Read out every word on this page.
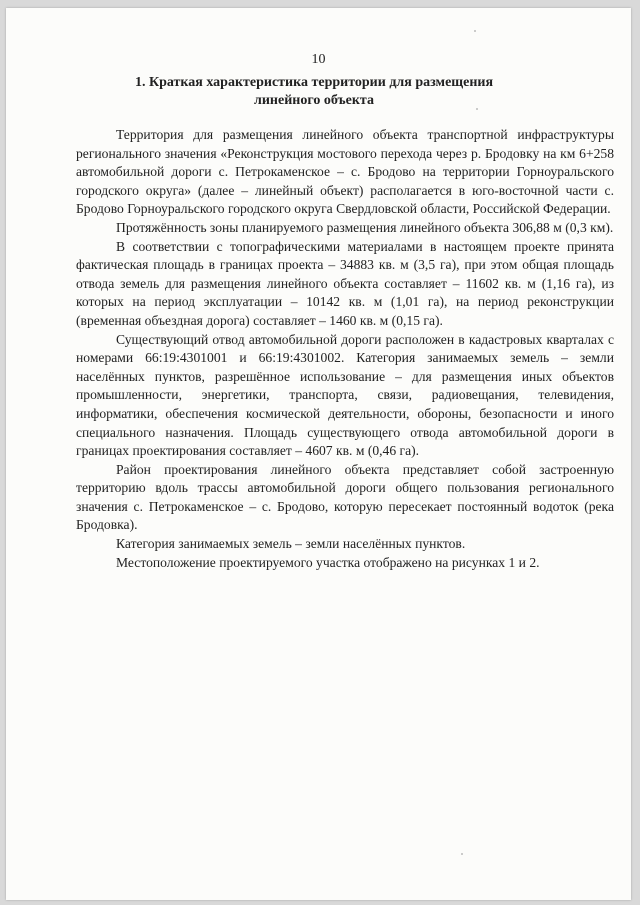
10
1. Краткая характеристика территории для размещения
линейного объекта

Территория для размещения линейного объекта транспортной инфраструктуры регионального значения «Реконструкция мостового перехода через р. Бродовку на км 6+258 автомобильной дороги с. Петрокаменское – с. Бродово на территории Горноуральского городского округа» (далее – линейный объект) располагается в юго-восточной части с. Бродово Горноуральского городского округа Свердловской области, Российской Федерации.

Протяжённость зоны планируемого размещения линейного объекта 306,88 м (0,3 км).

В соответствии с топографическими материалами в настоящем проекте принята фактическая площадь в границах проекта – 34883 кв. м (3,5 га), при этом общая площадь отвода земель для размещения линейного объекта составляет – 11602 кв. м (1,16 га), из которых на период эксплуатации – 10142 кв. м (1,01 га), на период реконструкции (временная объездная дорога) составляет – 1460 кв. м (0,15 га).

Существующий отвод автомобильной дороги расположен в кадастровых кварталах с номерами 66:19:4301001 и 66:19:4301002. Категория занимаемых земель – земли населённых пунктов, разрешённое использование – для размещения иных объектов промышленности, энергетики, транспорта, связи, радиовещания, телевидения, информатики, обеспечения космической деятельности, обороны, безопасности и иного специального назначения. Площадь существующего отвода автомобильной дороги в границах проектирования составляет – 4607 кв. м (0,46 га).

Район проектирования линейного объекта представляет собой застроенную территорию вдоль трассы автомобильной дороги общего пользования регионального значения с. Петрокаменское – с. Бродово, которую пересекает постоянный водоток (река Бродовка).

Категория занимаемых земель – земли населённых пунктов.

Местоположение проектируемого участка отображено на рисунках 1 и 2.
